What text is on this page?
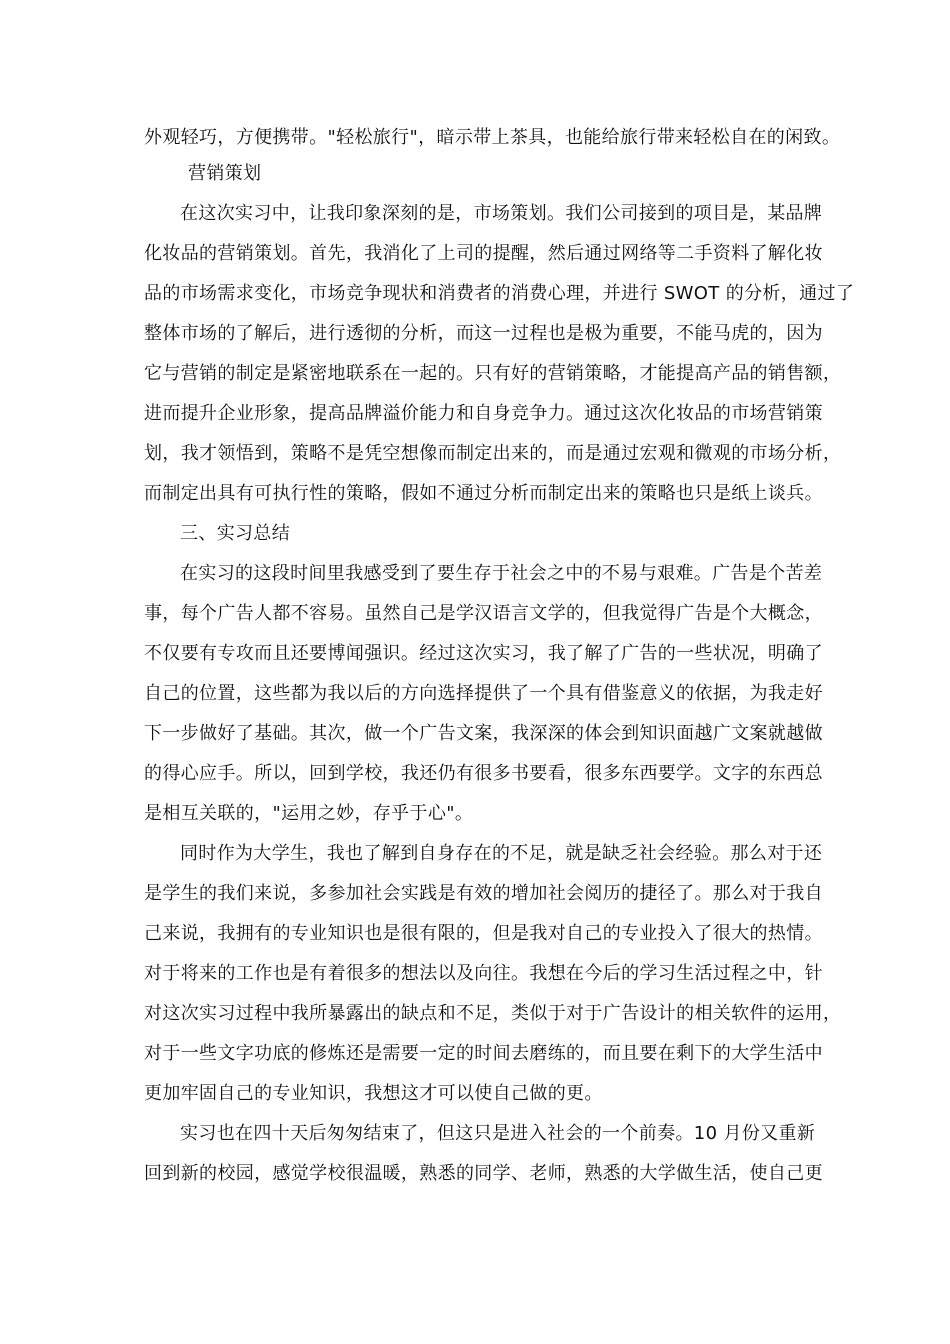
外观轻巧，方便携带。"轻松旅行"，暗示带上茶具，也能给旅行带来轻松自在的闲致。
营销策划
在这次实习中，让我印象深刻的是，市场策划。我们公司接到的项目是，某品牌
化妆品的营销策划。首先，我消化了上司的提醒，然后通过网络等二手资料了解化妆
品的市场需求变化，市场竞争现状和消费者的消费心理，并进行 SWOT 的分析，通过了
整体市场的了解后，进行透彻的分析，而这一过程也是极为重要，不能马虎的，因为
它与营销的制定是紧密地联系在一起的。只有好的营销策略，才能提高产品的销售额，
进而提升企业形象，提高品牌溢价能力和自身竞争力。通过这次化妆品的市场营销策
划，我才领悟到，策略不是凭空想像而制定出来的，而是通过宏观和微观的市场分析，
而制定出具有可执行性的策略，假如不通过分析而制定出来的策略也只是纸上谈兵。
三、实习总结
在实习的这段时间里我感受到了要生存于社会之中的不易与艰难。广告是个苦差
事，每个广告人都不容易。虽然自己是学汉语言文学的，但我觉得广告是个大概念，
不仅要有专攻而且还要博闻强识。经过这次实习，我了解了广告的一些状况，明确了
自己的位置，这些都为我以后的方向选择提供了一个具有借鉴意义的依据，为我走好
下一步做好了基础。其次，做一个广告文案，我深深的体会到知识面越广文案就越做
的得心应手。所以，回到学校，我还仍有很多书要看，很多东西要学。文字的东西总
是相互关联的，"运用之妙，存乎于心"。
同时作为大学生，我也了解到自身存在的不足，就是缺乏社会经验。那么对于还
是学生的我们来说，多参加社会实践是有效的增加社会阅历的捷径了。那么对于我自
己来说，我拥有的专业知识也是很有限的，但是我对自己的专业投入了很大的热情。
对于将来的工作也是有着很多的想法以及向往。我想在今后的学习生活过程之中，针
对这次实习过程中我所暴露出的缺点和不足，类似于对于广告设计的相关软件的运用，
对于一些文字功底的修炼还是需要一定的时间去磨练的，而且要在剩下的大学生活中
更加牢固自己的专业知识，我想这才可以使自己做的更。
实习也在四十天后匆匆结束了，但这只是进入社会的一个前奏。10 月份又重新
回到新的校园，感觉学校很温暖，熟悉的同学、老师，熟悉的大学做生活，使自己更
